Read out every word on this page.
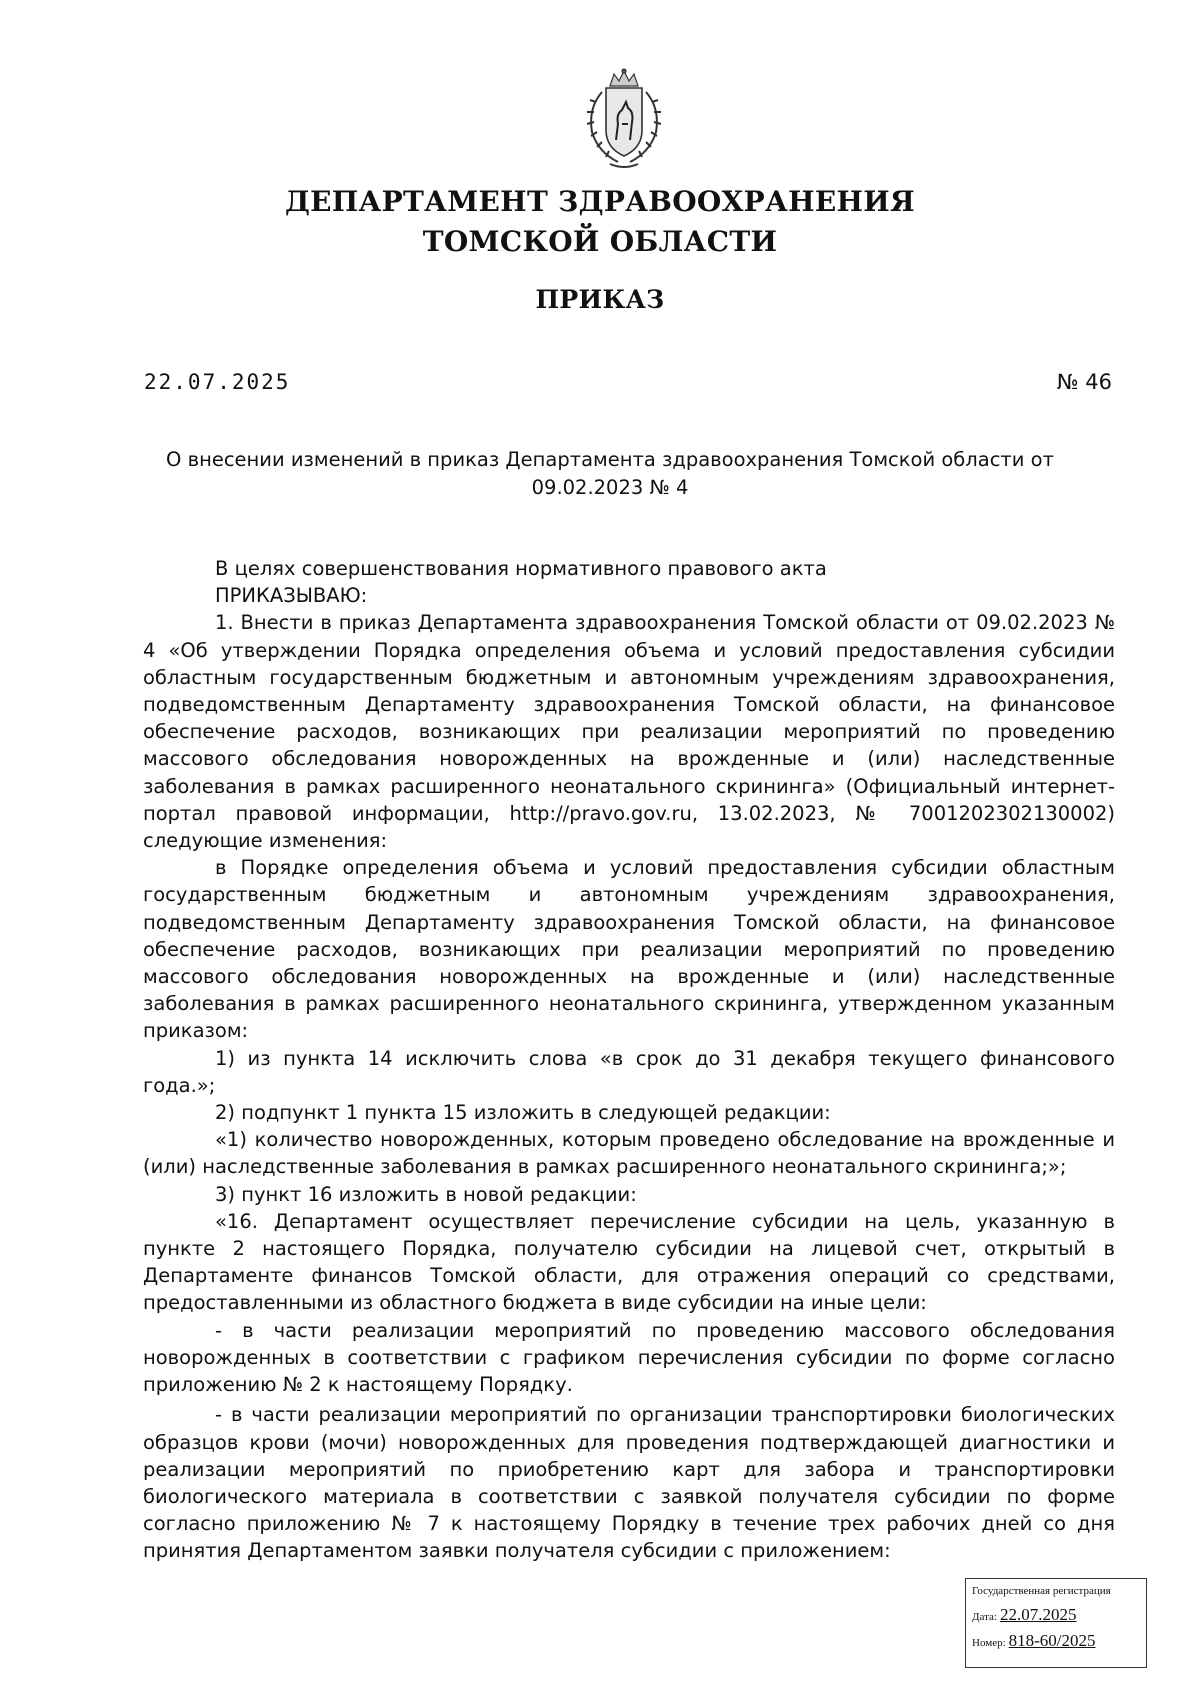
ДЕПАРТАМЕНТ ЗДРАВООХРАНЕНИЯ
ТОМСКОЙ ОБЛАСТИ
ПРИКАЗ
22.07.2025	№ 46
О внесении изменений в приказ Департамента здравоохранения Томской области от
09.02.2023 № 4

В целях совершенствования нормативного правового акта

ПРИКАЗЫВАЮ:

1. Внести в приказ Департамента здравоохранения Томской области от 09.02.2023 № 4 «Об утверждении Порядка определения объема и условий предоставления субсидии областным государственным бюджетным и автономным учреждениям здравоохранения, подведомственным Департаменту здравоохранения Томской области, на финансовое обеспечение расходов, возникающих при реализации мероприятий по проведению массового обследования новорожденных на врожденные и (или) наследственные заболевания в рамках расширенного неонатального скрининга» (Официальный интернет-портал правовой информации, http://pravo.gov.ru, 13.02.2023, № 7001202302130002) следующие изменения:

в Порядке определения объема и условий предоставления субсидии областным государственным бюджетным и автономным учреждениям здравоохранения, подведомственным Департаменту здравоохранения Томской области, на финансовое обеспечение расходов, возникающих при реализации мероприятий по проведению массового обследования новорожденных на врожденные и (или) наследственные заболевания в рамках расширенного неонатального скрининга, утвержденном указанным приказом:

1) из пункта 14 исключить слова «в срок до 31 декабря текущего финансового года.»;

2) подпункт 1 пункта 15 изложить в следующей редакции:

«1) количество новорожденных, которым проведено обследование на врожденные и (или) наследственные заболевания в рамках расширенного неонатального скрининга;»;

3) пункт 16 изложить в новой редакции:

«16. Департамент осуществляет перечисление субсидии на цель, указанную в пункте 2 настоящего Порядка, получателю субсидии на лицевой счет, открытый в Департаменте финансов Томской области, для отражения операций со средствами, предоставленными из областного бюджета в виде субсидии на иные цели:

- в части реализации мероприятий по проведению массового обследования новорожденных в соответствии с графиком перечисления субсидии по форме согласно приложению № 2 к настоящему Порядку.

- в части реализации мероприятий по организации транспортировки биологических образцов крови (мочи) новорожденных для проведения подтверждающей диагностики и реализации мероприятий по приобретению карт для забора и транспортировки биологического материала в соответствии с заявкой получателя субсидии по форме согласно приложению № 7 к настоящему Порядку в течение трех рабочих дней со дня принятия Департаментом заявки получателя субсидии с приложением:

Государственная регистрация
Дата: 22.07.2025
Номер: 818-60/2025
